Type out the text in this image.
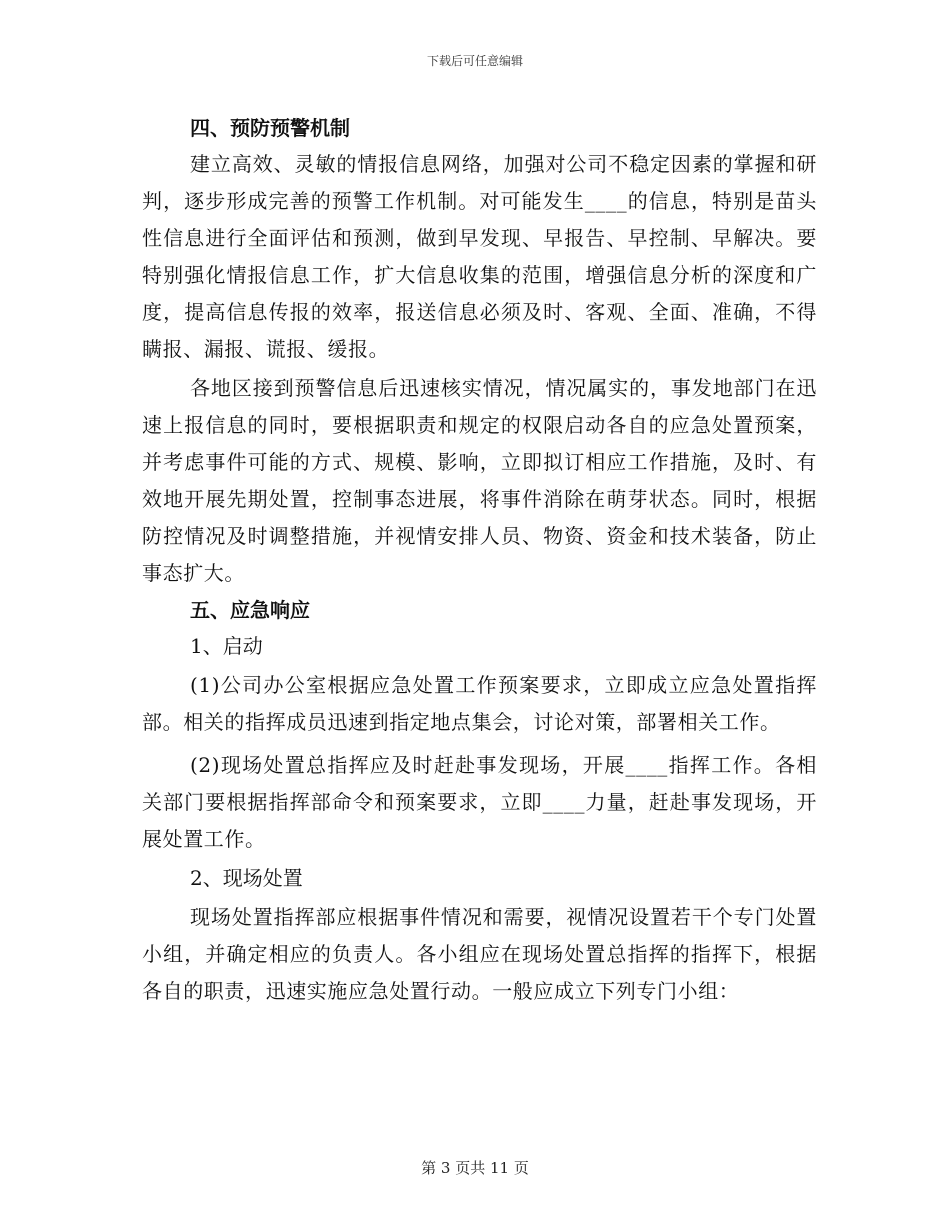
下载后可任意编辑

四、预防预警机制

建立高效、灵敏的情报信息网络，加强对公司不稳定因素的掌握和研判，逐步形成完善的预警工作机制。对可能发生____的信息，特别是苗头性信息进行全面评估和预测，做到早发现、早报告、早控制、早解决。要特别强化情报信息工作，扩大信息收集的范围，增强信息分析的深度和广度，提高信息传报的效率，报送信息必须及时、客观、全面、准确，不得瞒报、漏报、谎报、缓报。

各地区接到预警信息后迅速核实情况，情况属实的，事发地部门在迅速上报信息的同时，要根据职责和规定的权限启动各自的应急处置预案，并考虑事件可能的方式、规模、影响，立即拟订相应工作措施，及时、有效地开展先期处置，控制事态进展，将事件消除在萌芽状态。同时，根据防控情况及时调整措施，并视情安排人员、物资、资金和技术装备，防止事态扩大。

五、应急响应

1、启动

(1)公司办公室根据应急处置工作预案要求，立即成立应急处置指挥部。相关的指挥成员迅速到指定地点集会，讨论对策，部署相关工作。

(2)现场处置总指挥应及时赶赴事发现场，开展____指挥工作。各相关部门要根据指挥部命令和预案要求，立即____力量，赶赴事发现场，开展处置工作。

2、现场处置

现场处置指挥部应根据事件情况和需要，视情况设置若干个专门处置小组，并确定相应的负责人。各小组应在现场处置总指挥的指挥下，根据各自的职责，迅速实施应急处置行动。一般应成立下列专门小组：

第 3 页共 11 页
